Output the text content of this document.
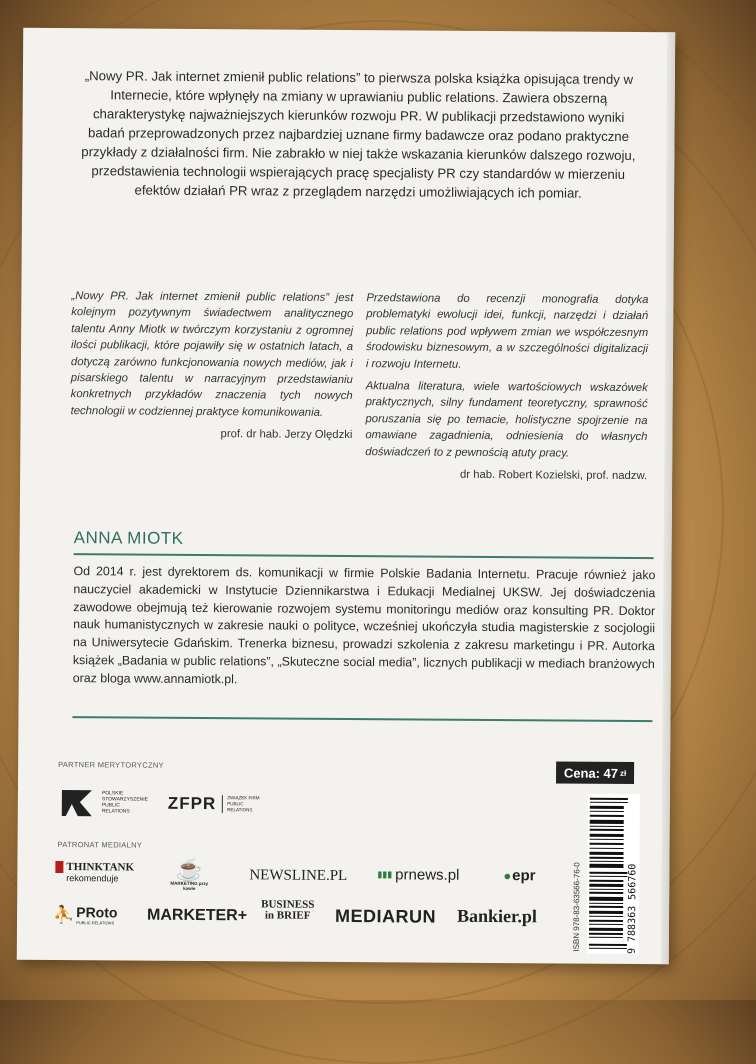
„Nowy PR. Jak internet zmienił public relations” to pierwsza polska książka opisująca trendy w Internecie, które wpłynęły na zmiany w uprawianiu public relations. Zawiera obszerną charakterystykę najważniejszych kierunków rozwoju PR. W publikacji przedstawiono wyniki badań przeprowadzonych przez najbardziej uznane firmy badawcze oraz podano praktyczne przykłady z działalności firm. Nie zabrakło w niej także wskazania kierunków dalszego rozwoju, przedstawienia technologii wspierających pracę specjalisty PR czy standardów w mierzeniu efektów działań PR wraz z przeglądem narzędzi umożliwiających ich pomiar.

„Nowy PR. Jak internet zmienił public relations” jest kolejnym pozytywnym świadectwem analitycznego talentu Anny Miotk w twórczym korzystaniu z ogromnej ilości publikacji, które pojawiły się w ostatnich latach, a dotyczą zarówno funkcjonowania nowych mediów, jak i pisarskiego talentu w narracyjnym przedstawianiu konkretnych przykładów znaczenia tych nowych technologii w codziennej praktyce komunikowania.

prof. dr hab. Jerzy Olędzki

Przedstawiona do recenzji monografia dotyka problematyki ewolucji idei, funkcji, narzędzi i działań public relations pod wpływem zmian we współczesnym środowisku biznesowym, a w szczególności digitalizacji i rozwoju Internetu.

Aktualna literatura, wiele wartościowych wskazówek praktycznych, silny fundament teoretyczny, sprawność poruszania się po temacie, holistyczne spojrzenie na omawiane zagadnienia, odniesienia do własnych doświadczeń to z pewnością atuty pracy.

dr hab. Robert Kozielski, prof. nadzw.
ANNA MIOTK
Od 2014 r. jest dyrektorem ds. komunikacji w firmie Polskie Badania Internetu. Pracuje również jako nauczyciel akademicki w Instytucie Dziennikarstwa i Edukacji Medialnej UKSW. Jej doświadczenia zawodowe obejmują też kierowanie rozwojem systemu monitoringu mediów oraz konsulting PR. Doktor nauk humanistycznych w zakresie nauki o polityce, wcześniej ukończyła studia magisterskie z socjologii na Uniwersytecie Gdańskim. Trenerka biznesu, prowadzi szkolenia z zakresu marketingu i PR. Autorka książek „Badania w public relations”, „Skuteczne social media”, licznych publikacji w mediach branżowych oraz bloga www.annamiotk.pl.
PARTNER MERYTORYCZNY
Cena: 47 zł
POLSKIE STOWARZYSZENIE PUBLIC RELATIONS	ZFPR	ZWIĄZEK FIRM PUBLIC RELATIONS
PATRONAT MEDIALNY
THINKTANK
rekomenduje	☕
MARKETING przy kawie
NEWSLINE.PL	▮▮▮ prnews.pl	● epr
⛹ PRoto
PUBLIC RELATIONS MARKETER+
BUSINESS in BRIEF MEDIARUN Bankier.pl	ISBN 978-83-63566-76-0	9 788363 566760
